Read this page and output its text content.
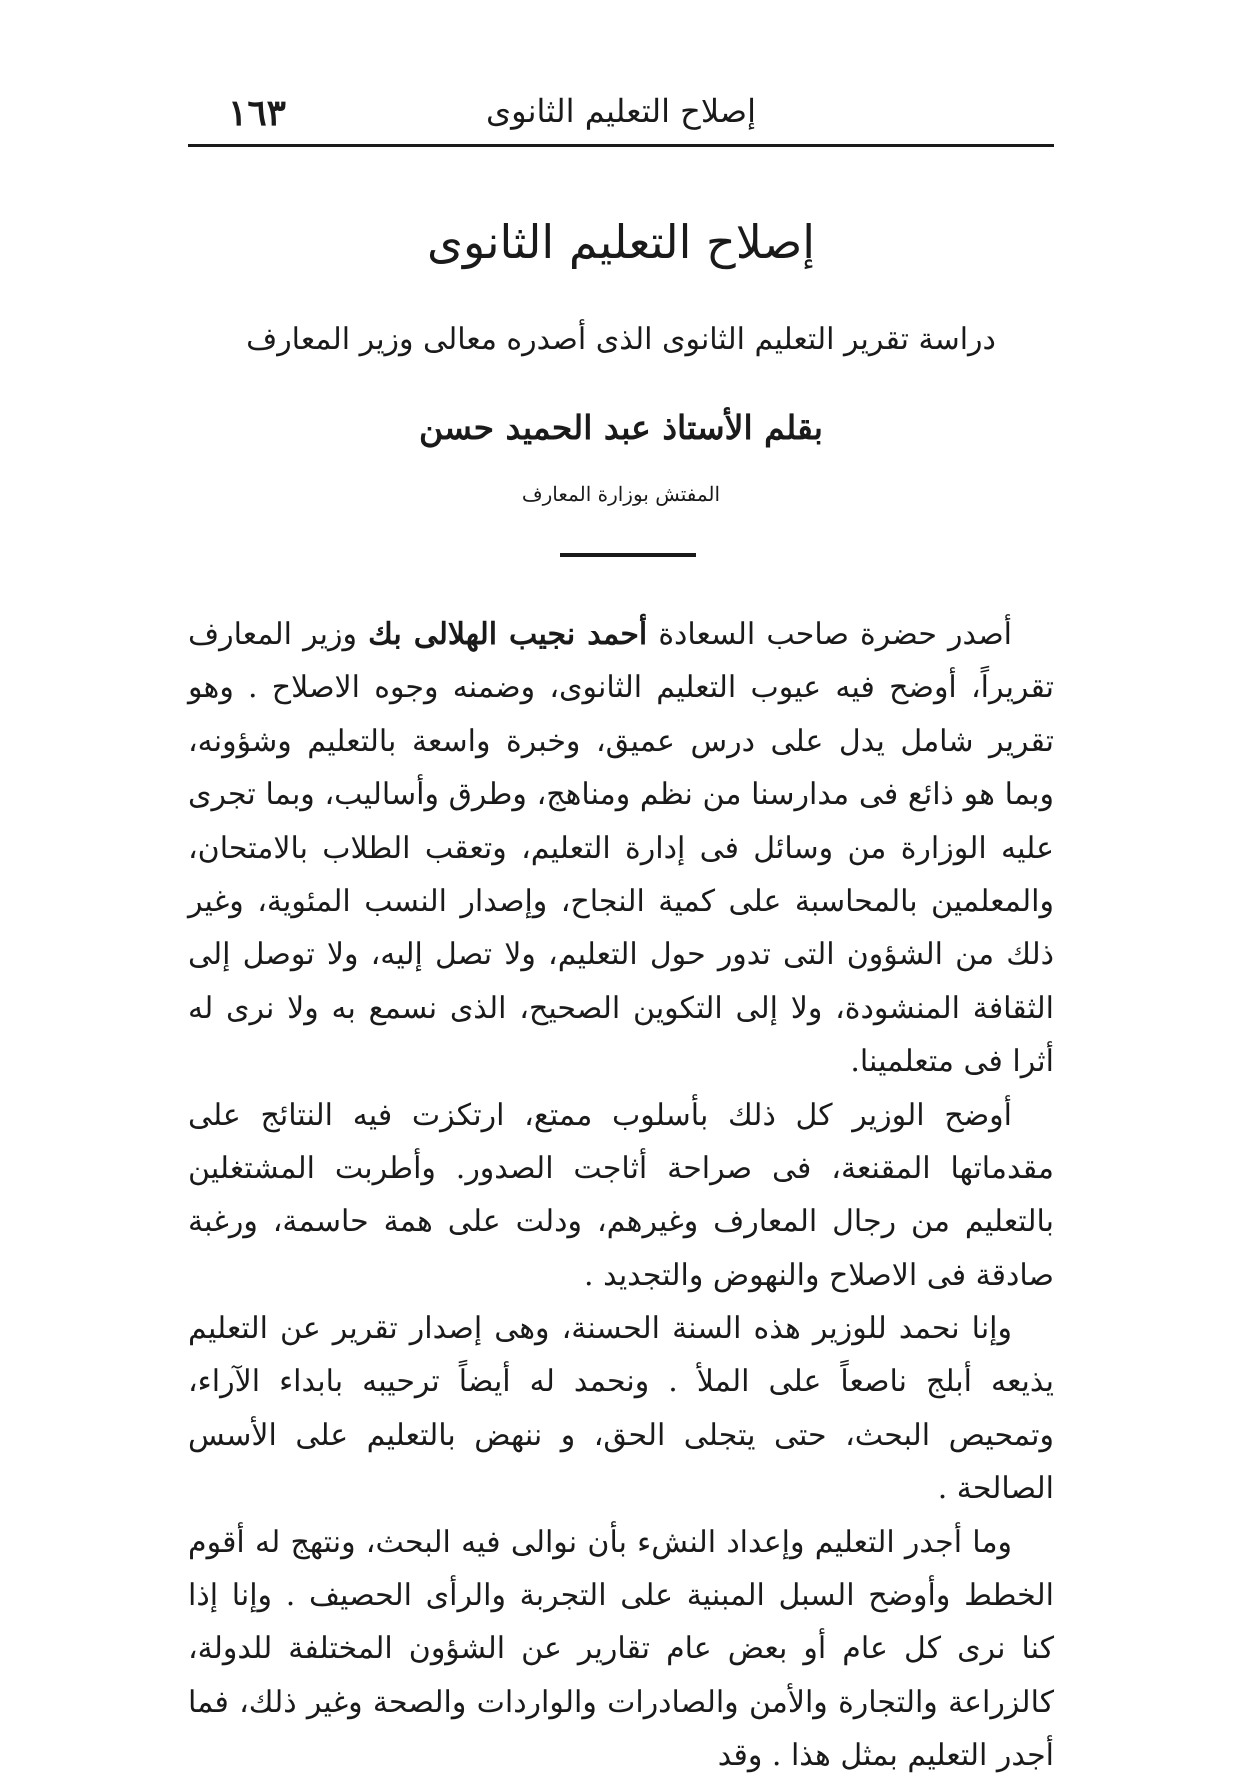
١٦٣	إصلاح التعليم الثانوى
إصلاح التعليم الثانوى
دراسة تقرير التعليم الثانوى الذى أصدره معالى وزير المعارف
بقلم الأستاذ عبد الحميد حسن
المفتش بوزارة المعارف

أصدر حضرة صاحب السعادة أحمد نجيب الهلالى بك وزير المعارف تقريراً، أوضح فيه عيوب التعليم الثانوى، وضمنه وجوه الاصلاح . وهو تقرير شامل يدل على درس عميق، وخبرة واسعة بالتعليم وشؤونه، وبما هو ذائع فى مدارسنا من نظم ومناهج، وطرق وأساليب، وبما تجرى عليه الوزارة من وسائل فى إدارة التعليم، وتعقب الطلاب بالامتحان، والمعلمين بالمحاسبة على كمية النجاح، وإصدار النسب المئوية، وغير ذلك من الشؤون التى تدور حول التعليم، ولا تصل إليه، ولا توصل إلى الثقافة المنشودة، ولا إلى التكوين الصحيح، الذى نسمع به ولا نرى له أثرا فى متعلمينا.

أوضح الوزير كل ذلك بأسلوب ممتع، ارتكزت فيه النتائج على مقدماتها المقنعة، فى صراحة أثاجت الصدور. وأطربت المشتغلين بالتعليم من رجال المعارف وغيرهم، ودلت على همة حاسمة، ورغبة صادقة فى الاصلاح والنهوض والتجديد .

وإنا نحمد للوزير هذه السنة الحسنة، وهى إصدار تقرير عن التعليم يذيعه أبلج ناصعاً على الملأ . ونحمد له أيضاً ترحيبه بابداء الآراء، وتمحيص البحث، حتى يتجلى الحق، و ننهض بالتعليم على الأسس الصالحة .

وما أجدر التعليم وإعداد النشء بأن نوالى فيه البحث، ونتهج له أقوم الخطط وأوضح السبل المبنية على التجربة والرأى الحصيف . وإنا إذا كنا نرى كل عام أو بعض عام تقارير عن الشؤون المختلفة للدولة، كالزراعة والتجارة والأمن والصادرات والواردات والصحة وغير ذلك، فما أجدر التعليم بمثل هذا . وقد
